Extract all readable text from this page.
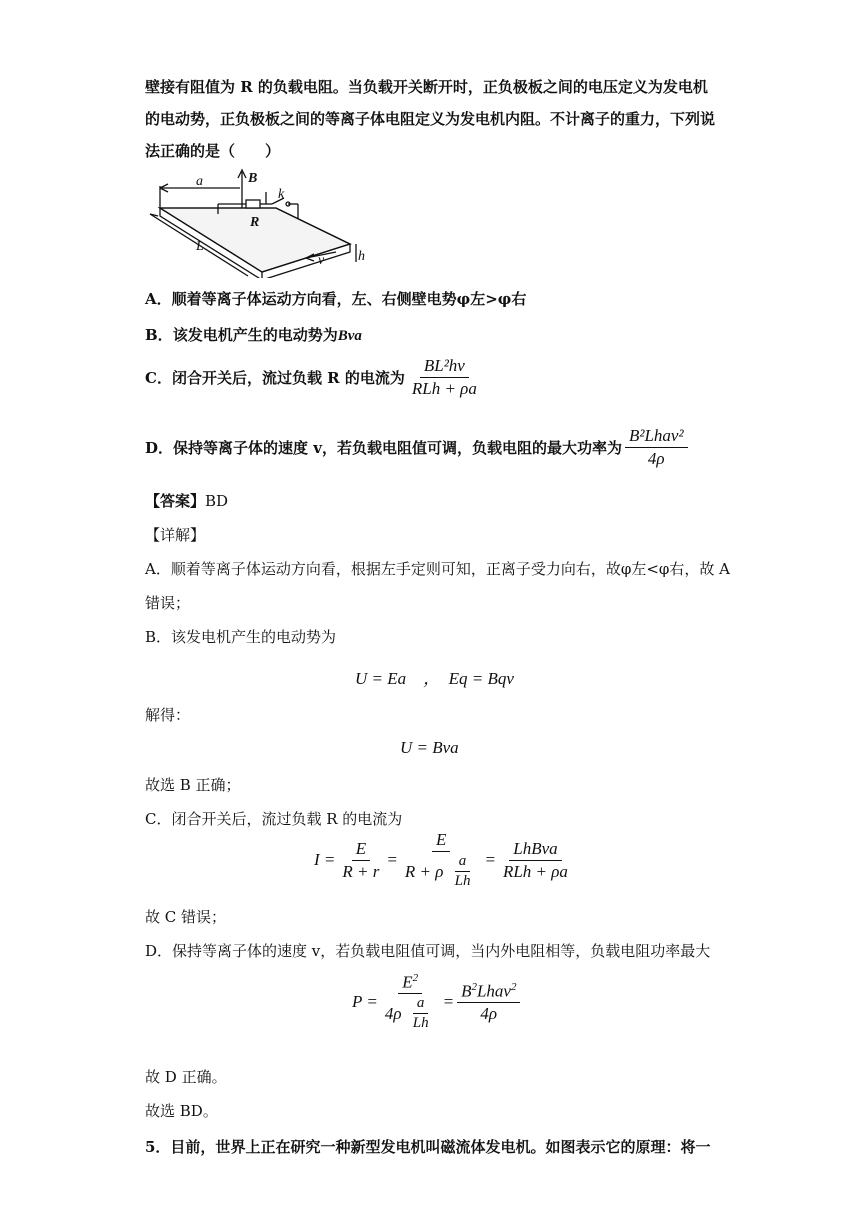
壁接有阻值为 R 的负载电阻。当负载开关断开时，正负极板之间的电压定义为发电机
的电动势，正负极板之间的等离子体电阻定义为发电机内阻。不计离子的重力，下列说
法正确的是（　　）
a	B
k
R
L
v h
A．顺着等离子体运动方向看，左、右侧壁电势φ左>φ右
B．该发电机产生的电动势为Bva
C． 闭合开关后，流过负载 R 的电流为 $\frac{\text{BL²hv}}{\text{RLh + ρa}}$
D． 保持等离子体的速度 v，若负载电阻值可调，负载电阻的最大功率为 $\frac{\text{B²Lhav²}}{4\rho}$
【答案】BD
【详解】
A．顺着等离子体运动方向看，根据左手定则可知，正离子受力向右，故φ左<φ右，故 A
错误；
B．该发电机产生的电动势为
U = Ea　，　Eq = Bqv
解得：
U = Bva
故选 B 正确；
C．闭合开关后，流过负载 R 的电流为
$I = \frac{E}{R + r} = \frac{E}{R + \rho \frac{a}{Lh}} = \frac{\text{LhBva}}{\text{RLh + ρa}}$
故 C 错误；
D．保持等离子体的速度 v，若负载电阻值可调，当内外电阻相等，负载电阻功率最大
$P = \frac{E^2}{4\rho \frac{a}{Lh}} = \frac{B^2Lhav^2}{4\rho}$
故 D 正确。
故选 BD。
5．目前，世界上正在研究一种新型发电机叫磁流体发电机。如图表示它的原理：将一
